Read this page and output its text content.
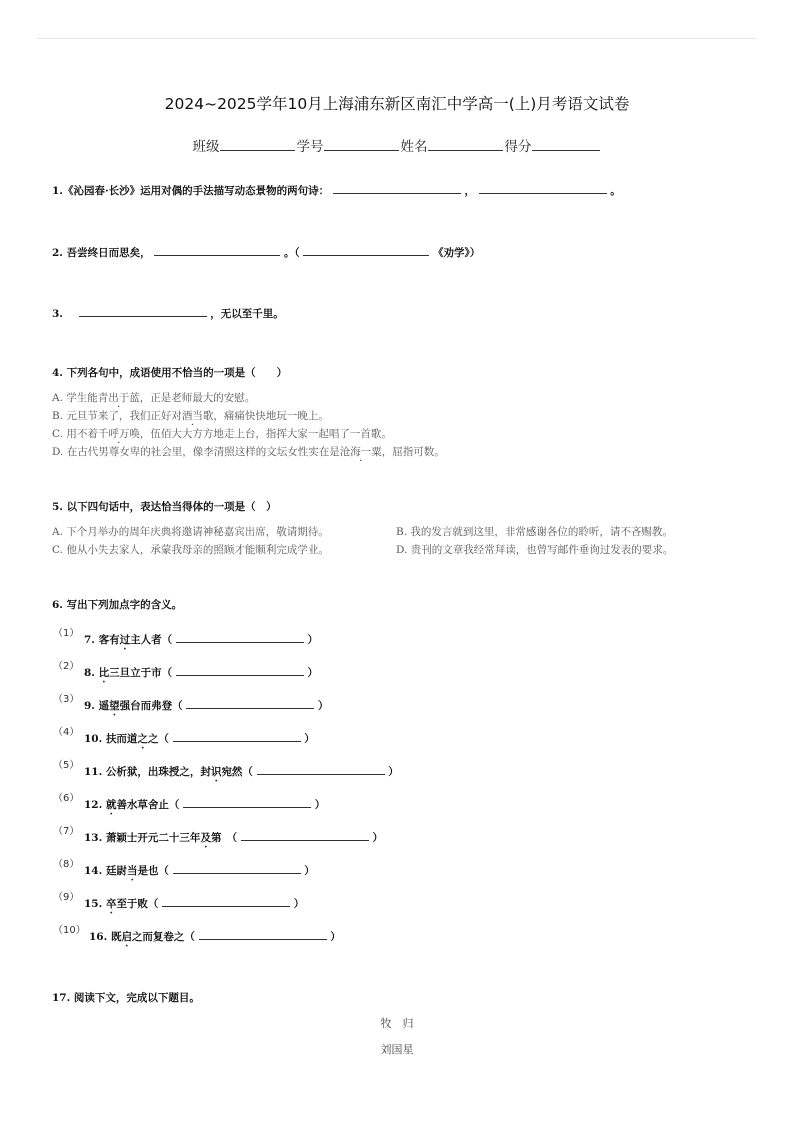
2024~2025学年10月上海浦东新区南汇中学高一(上)月考语文试卷
班级	学号	姓名	得分
1.《沁园春·长沙》运用对偶的手法描写动态景物的两句诗：	，	。
2. 吾尝终日而思矣，	。（	《劝学》）
3.	，无以至千里。
4. 下列各句中，成语使用不恰当的一项是（　　）
A. 学生能青出于蓝，正是老师最大的安慰。
B. 元旦节来了，我们正好对酒当歌，痛痛快快地玩一晚上。
C. 用不着千呼万唤，伍佰大大方方地走上台，指挥大家一起唱了一首歌。
D. 在古代男尊女卑的社会里，像李清照这样的文坛女性实在是沧海一粟，屈指可数。
5. 以下四句话中，表达恰当得体的一项是（　）
A. 下个月举办的周年庆典将邀请神秘嘉宾出席，敬请期待。	B. 我的发言就到这里，非常感谢各位的聆听，请不吝赐教。
C. 他从小失去家人，承蒙我母亲的照顾才能顺利完成学业。	D. 贵刊的文章我经常拜读，也曾写邮件垂询过发表的要求。
6. 写出下列加点字的含义。
（1）
7. 客有过主人者（	）
（2）
8. 比三旦立于市（	）
（3）
9. 遥望强台而弗登（	）
（4）
10. 扶而道之之（	）
（5）
11. 公析狱，出珠授之，封识宛然（	）
（6）
12. 就善水草舍止（	）
（7）
13. 萧颖士开元二十三年及第　（	）
（8）
14. 廷尉当是也（	）
（9）
15. 卒至于败（	）
（10）
16. 既启之而复卷之（	）
17. 阅读下文，完成以下题目。
牧　归
刘国星
